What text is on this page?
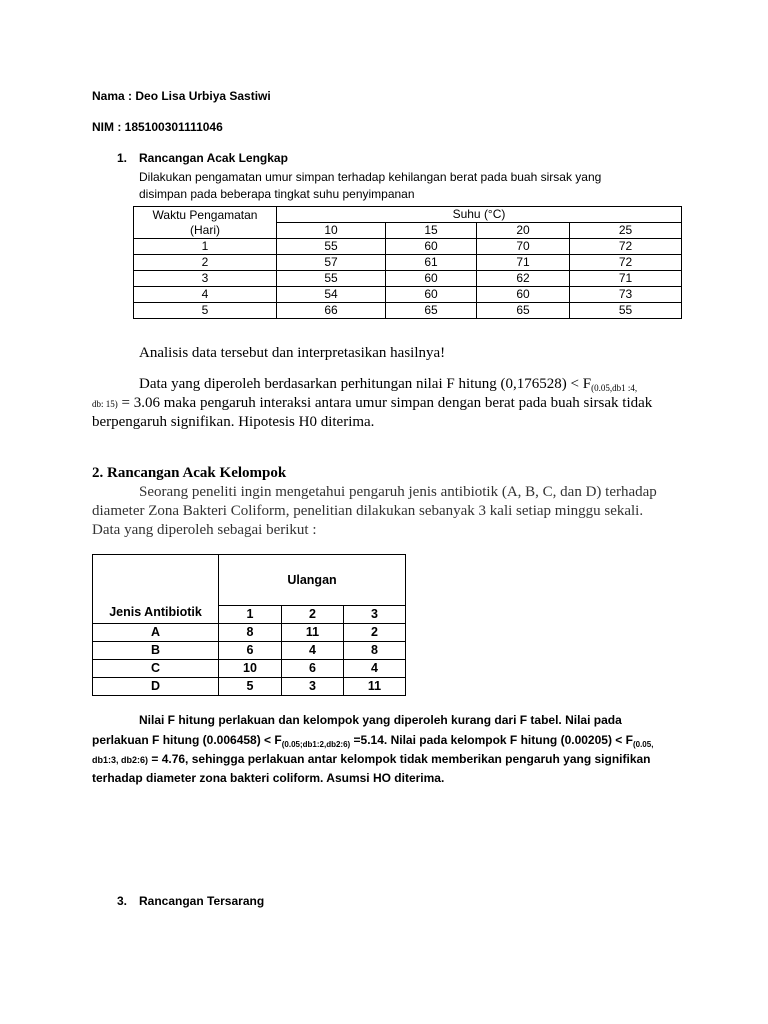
Nama : Deo Lisa Urbiya Sastiwi
NIM : 185100301111046
1. Rancangan Acak Lengkap
Dilakukan pengamatan umur simpan terhadap kehilangan berat pada buah sirsak yang
disimpan pada beberapa tingkat suhu penyimpanan
Waktu Pengamatan
(Hari)	Suhu (°C)			
	10	15	20	25
1	55	60	70	72
2	57	61	71	72
3	55	60	62	71
4	54	60	60	73
5	66	65	65	55
Analisis data tersebut dan interpretasikan hasilnya!
Data yang diperoleh berdasarkan perhitungan nilai F hitung $(0,176528) < F_{(0.05,db1 :4,}$
db: 15) = 3.06 maka pengaruh interaksi antara umur simpan dengan berat pada buah sirsak tidak
berpengaruh signifikan. Hipotesis H0 diterima.
2. Rancangan Acak Kelompok
Seorang peneliti ingin mengetahui pengaruh jenis antibiotik (A, B, C, dan D) terhadap
diameter Zona Bakteri Coliform, penelitian dilakukan sebanyak 3 kali setiap minggu sekali.
Data yang diperoleh sebagai berikut :
Jenis Antibiotik	Ulangan		
	1	2	3
A	8	11	2
B	6	4	8
C	10	6	4
D	5	3	11
Nilai F hitung perlakuan dan kelompok yang diperoleh kurang dari F tabel. Nilai pada
perlakuan F hitung $(0.006458) < F_{(0.05;db1:2,db2:6)} =5.14$. Nilai pada kelompok F hitung $(0.00205) < F_{(0.05,}$
db1:3, db2:6) = 4.76, sehingga perlakuan antar kelompok tidak memberikan pengaruh yang signifikan
terhadap diameter zona bakteri coliform. Asumsi HO diterima.
3. Rancangan Tersarang
